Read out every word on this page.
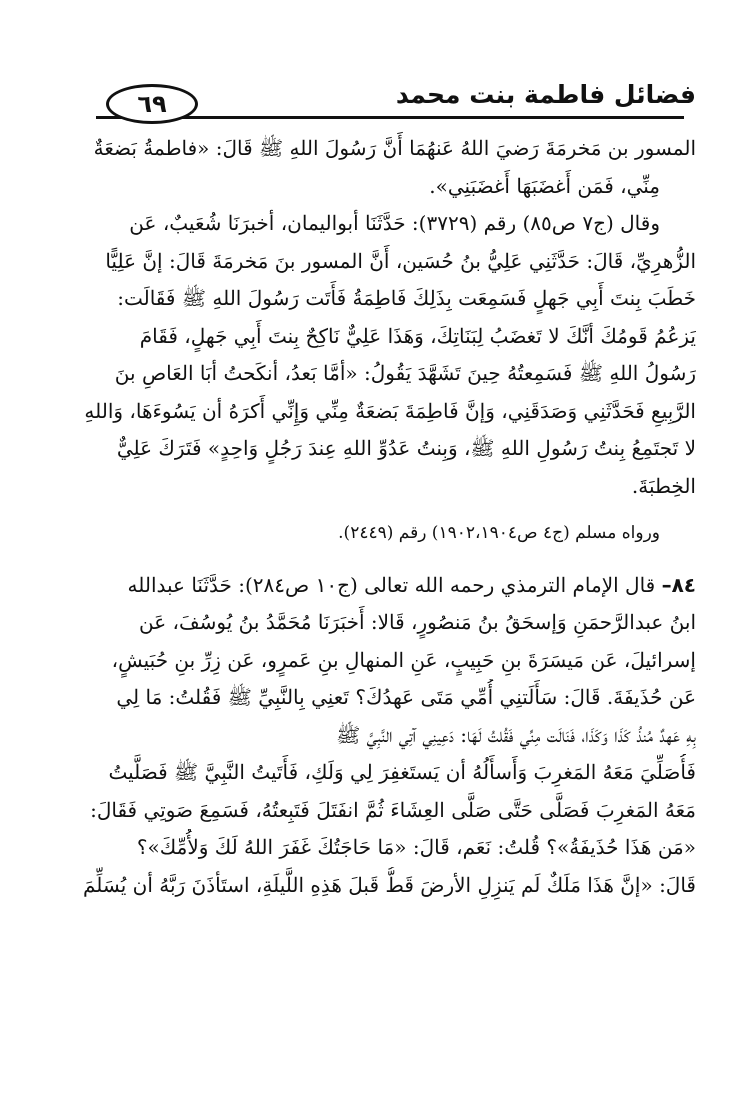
٦٩	فضائل فاطمة بنت محمد

المسور بن مَخرمَةَ رَضيَ اللهُ عَنهُمَا أَنَّ رَسُولَ اللهِ ﷺ قَالَ: «فاطمةُ بَضعَةٌ
مِنِّي، فَمَن أَغضَبَهَا أَغضَبَنِي».

وقال (ج٧ ص٨٥) رقم (٣٧٢٩): حَدَّثَنَا أبواليمان، أخبرَنَا شُعَيبٌ، عَن
الزُّهرِيِّ، قَالَ: حَدَّثَنِي عَلِيُّ بنُ حُسَين، أَنَّ المسور بنَ مَخرمَةَ قَالَ: إنَّ عَلِيًّا
خَطَبَ بِنتَ أَبِي جَهلٍ فَسَمِعَت بِذَلِكَ فَاطِمَةُ فَأَتَت رَسُولَ اللهِ ﷺ فَقَالَت:
يَزعُمُ قَومُكَ أنَّكَ لا تَغضَبُ لِبَنَاتِكَ، وَهَذَا عَلِيٌّ نَاكِحٌ بِنتَ أَبِي جَهلٍ، فَقَامَ
رَسُولُ اللهِ ﷺ فَسَمِعتُهُ حِينَ تَشَهَّدَ يَقُولُ: «أمَّا بَعدُ، أنكَحتُ أبَا العَاصِ بنَ
الرَّبِيعِ فَحَدَّثَنِي وَصَدَقَنِي، وَإنَّ فَاطِمَةَ بَضعَةٌ مِنِّي وَإِنِّي أَكرَهُ أن يَسُوءَهَا، وَاللهِ
لا تَجتَمِعُ بِنتُ رَسُولِ اللهِ ﷺ، وَبِنتُ عَدُوِّ اللهِ عِندَ رَجُلٍ وَاحِدٍ» فَتَرَكَ عَلِيٌّ
الخِطبَةَ.

ورواه مسلم (ج٤ ص١٩٠٢،١٩٠٤) رقم (٢٤٤٩).

٨٤– قال الإمام الترمذي رحمه الله تعالى (ج١٠ ص٢٨٤): حَدَّثَنَا عبدالله
ابنُ عبدالرَّحمَنِ وَإسحَقُ بنُ مَنصُورٍ، قَالا: أَخبَرَنَا مُحَمَّدُ بنُ يُوسُفَ، عَن
إسرائيلَ، عَن مَيسَرَةَ بنِ حَبِيبٍ، عَنِ المنهالِ بنِ عَمرٍو، عَن زِرِّ بنِ حُبَيشٍ،
عَن حُذَيفَةَ. قَالَ: سَأَلَتنِي أُمِّي مَتَى عَهدُكَ؟ تَعنِي بِالنَّبِيِّ ﷺ فَقُلتُ: مَا لِي
بِهِ عَهدٌ مُنذُ كَذَا وَكَذَا، فَنَالَت مِنِّي فَقُلتُ لَهَا: دَعِينِي آتِي النَّبِيَّ ﷺ
فَأُصَلِّيَ مَعَهُ المَغرِبَ وَأَسأَلُهُ أن يَستَغفِرَ لِي وَلَكِ، فَأَتَيتُ النَّبِيَّ ﷺ فَصَلَّيتُ
مَعَهُ المَغرِبَ فَصَلَّى حَتَّى صَلَّى العِشَاءَ ثُمَّ انفَتَلَ فَتَبِعتُهُ، فَسَمِعَ صَوتِي فَقَالَ:
«مَن هَذَا حُذَيفَةُ»؟ قُلتُ: نَعَم، قَالَ: «مَا حَاجَتُكَ غَفَرَ اللهُ لَكَ وَلأُمِّكَ»؟
قَالَ: «إنَّ هَذَا مَلَكٌ لَم يَنزِلِ الأرضَ قَطُّ قَبلَ هَذِهِ اللَّيلَةِ، استَأذَنَ رَبَّهُ أن يُسَلِّمَ
